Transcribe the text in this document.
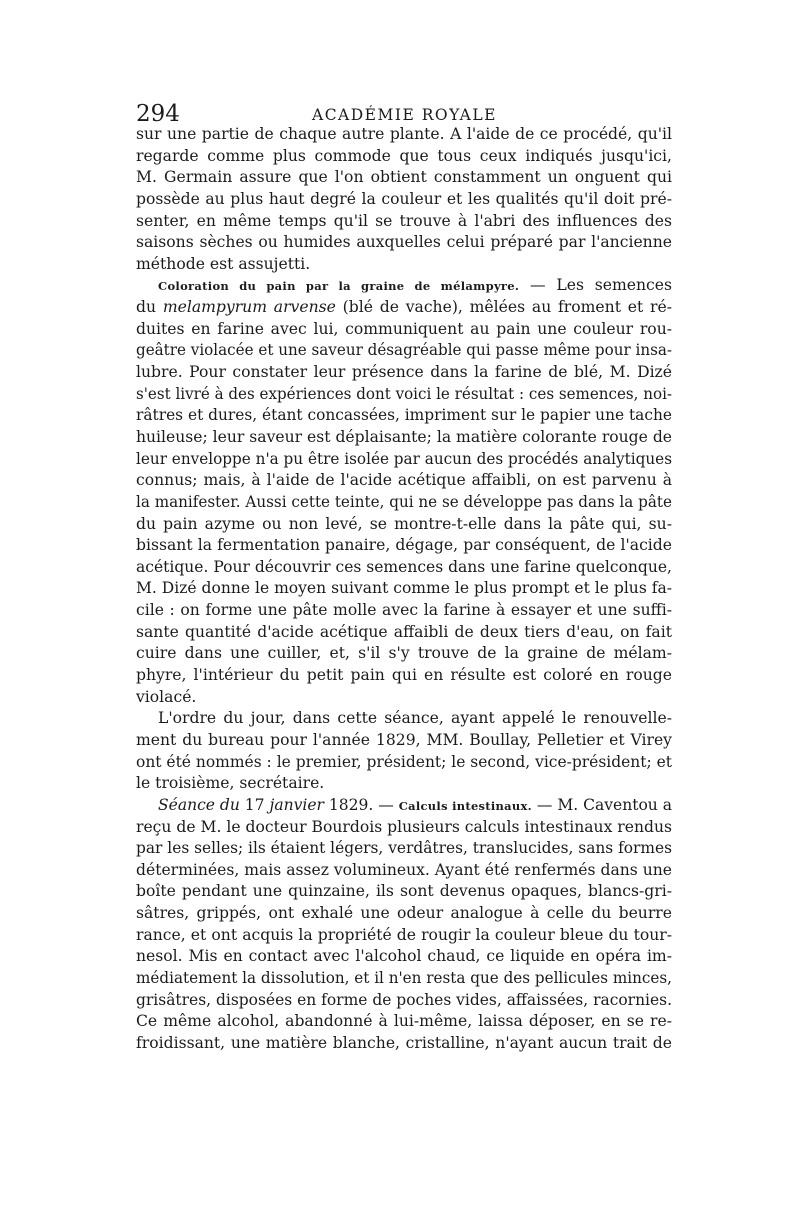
294	ACADÉMIE ROYALE
sur une partie de chaque autre plante. A l'aide de ce procédé, qu'il
regarde comme plus commode que tous ceux indiqués jusqu'ici,
M. Germain assure que l'on obtient constamment un onguent qui
possède au plus haut degré la couleur et les qualités qu'il doit pré-
senter, en même temps qu'il se trouve à l'abri des influences des
saisons sèches ou humides auxquelles celui préparé par l'ancienne
méthode est assujetti.
Coloration du pain par la graine de mélampyre. — Les semences
du melampyrum arvense (blé de vache), mêlées au froment et ré-
duites en farine avec lui, communiquent au pain une couleur rou-
geâtre violacée et une saveur désagréable qui passe même pour insa-
lubre. Pour constater leur présence dans la farine de blé, M. Dizé
s'est livré à des expériences dont voici le résultat : ces semences, noi-
râtres et dures, étant concassées, impriment sur le papier une tache
huileuse; leur saveur est déplaisante; la matière colorante rouge de
leur enveloppe n'a pu être isolée par aucun des procédés analytiques
connus; mais, à l'aide de l'acide acétique affaibli, on est parvenu à
la manifester. Aussi cette teinte, qui ne se développe pas dans la pâte
du pain azyme ou non levé, se montre-t-elle dans la pâte qui, su-
bissant la fermentation panaire, dégage, par conséquent, de l'acide
acétique. Pour découvrir ces semences dans une farine quelconque,
M. Dizé donne le moyen suivant comme le plus prompt et le plus fa-
cile : on forme une pâte molle avec la farine à essayer et une suffi-
sante quantité d'acide acétique affaibli de deux tiers d'eau, on fait
cuire dans une cuiller, et, s'il s'y trouve de la graine de mélam-
phyre, l'intérieur du petit pain qui en résulte est coloré en rouge
violacé.
L'ordre du jour, dans cette séance, ayant appelé le renouvelle-
ment du bureau pour l'année 1829, MM. Boullay, Pelletier et Virey
ont été nommés : le premier, président; le second, vice-président; et
le troisième, secrétaire.
Séance du 17 janvier 1829. — Calculs intestinaux. — M. Caventou a
reçu de M. le docteur Bourdois plusieurs calculs intestinaux rendus
par les selles; ils étaient légers, verdâtres, translucides, sans formes
déterminées, mais assez volumineux. Ayant été renfermés dans une
boîte pendant une quinzaine, ils sont devenus opaques, blancs-gri-
sâtres, grippés, ont exhalé une odeur analogue à celle du beurre
rance, et ont acquis la propriété de rougir la couleur bleue du tour-
nesol. Mis en contact avec l'alcohol chaud, ce liquide en opéra im-
médiatement la dissolution, et il n'en resta que des pellicules minces,
grisâtres, disposées en forme de poches vides, affaissées, racornies.
Ce même alcohol, abandonné à lui-même, laissa déposer, en se re-
froidissant, une matière blanche, cristalline, n'ayant aucun trait de
